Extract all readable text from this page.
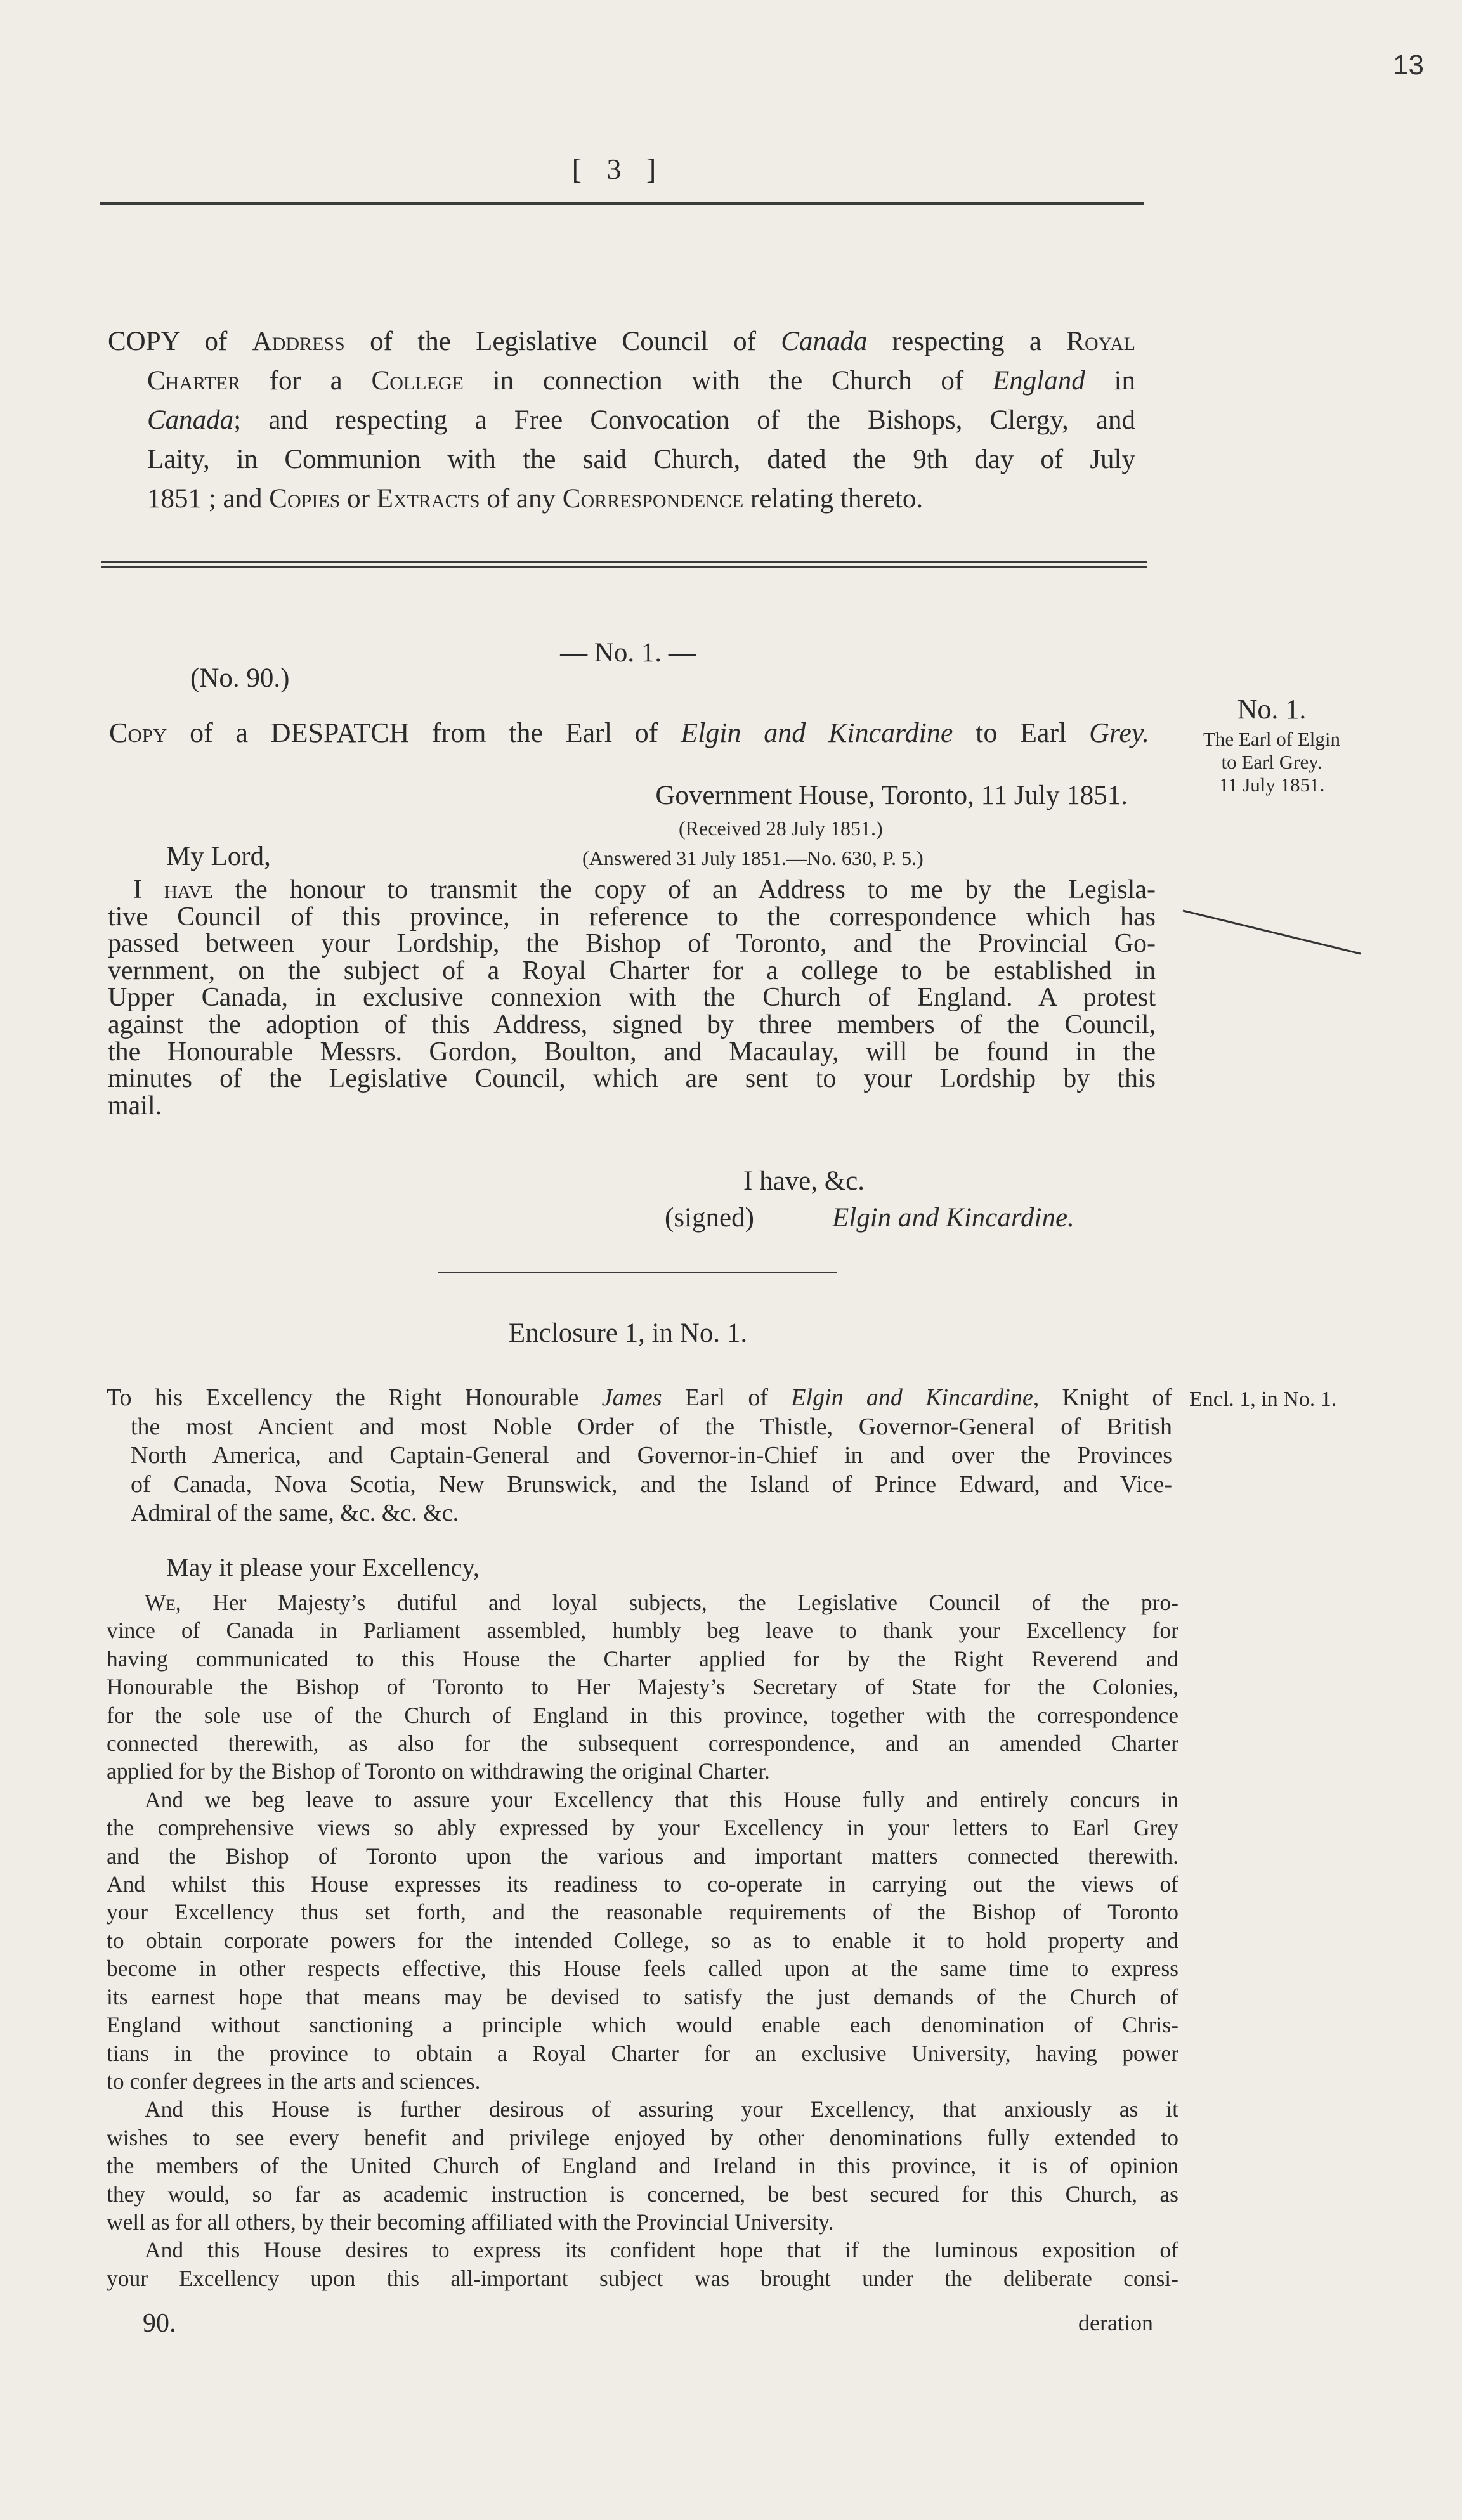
13
[ 3 ]
COPY of Address of the Legislative Council of Canada respecting a Royal
Charter for a College in connection with the Church of England in
Canada; and respecting a Free Convocation of the Bishops, Clergy, and
Laity, in Communion with the said Church, dated the 9th day of July
1851 ; and Copies or Extracts of any Correspondence relating thereto.
— No. 1. —
(No. 90.)
Copy of a DESPATCH from the Earl of Elgin and Kincardine to Earl Grey.
No. 1.
The Earl of Elgin
to Earl Grey.
11 July 1851.
Government House, Toronto, 11 July 1851.
(Received 28 July 1851.)
(Answered 31 July 1851.—No. 630, P. 5.)
My Lord,
I have the honour to transmit the copy of an Address to me by the Legisla-
tive Council of this province, in reference to the correspondence which has
passed between your Lordship, the Bishop of Toronto, and the Provincial Go-
vernment, on the subject of a Royal Charter for a college to be established in
Upper Canada, in exclusive connexion with the Church of England. A protest
against the adoption of this Address, signed by three members of the Council,
the Honourable Messrs. Gordon, Boulton, and Macaulay, will be found in the
minutes of the Legislative Council, which are sent to your Lordship by this
mail.
I have, &c.
(signed)	Elgin and Kincardine.
Enclosure 1, in No. 1.
Encl. 1, in No. 1.
To his Excellency the Right Honourable James Earl of Elgin and Kincardine, Knight of
the most Ancient and most Noble Order of the Thistle, Governor-General of British
North America, and Captain-General and Governor-in-Chief in and over the Provinces
of Canada, Nova Scotia, New Brunswick, and the Island of Prince Edward, and Vice-
Admiral of the same, &c. &c. &c.
May it please your Excellency,
We, Her Majesty’s dutiful and loyal subjects, the Legislative Council of the pro-
vince of Canada in Parliament assembled, humbly beg leave to thank your Excellency for
having communicated to this House the Charter applied for by the Right Reverend and
Honourable the Bishop of Toronto to Her Majesty’s Secretary of State for the Colonies,
for the sole use of the Church of England in this province, together with the correspondence
connected therewith, as also for the subsequent correspondence, and an amended Charter
applied for by the Bishop of Toronto on withdrawing the original Charter.
And we beg leave to assure your Excellency that this House fully and entirely concurs in
the comprehensive views so ably expressed by your Excellency in your letters to Earl Grey
and the Bishop of Toronto upon the various and important matters connected therewith.
And whilst this House expresses its readiness to co-operate in carrying out the views of
your Excellency thus set forth, and the reasonable requirements of the Bishop of Toronto
to obtain corporate powers for the intended College, so as to enable it to hold property and
become in other respects effective, this House feels called upon at the same time to express
its earnest hope that means may be devised to satisfy the just demands of the Church of
England without sanctioning a principle which would enable each denomination of Chris-
tians in the province to obtain a Royal Charter for an exclusive University, having power
to confer degrees in the arts and sciences.
And this House is further desirous of assuring your Excellency, that anxiously as it
wishes to see every benefit and privilege enjoyed by other denominations fully extended to
the members of the United Church of England and Ireland in this province, it is of opinion
they would, so far as academic instruction is concerned, be best secured for this Church, as
well as for all others, by their becoming affiliated with the Provincial University.
And this House desires to express its confident hope that if the luminous exposition of
your Excellency upon this all-important subject was brought under the deliberate consi-
90.	deration
